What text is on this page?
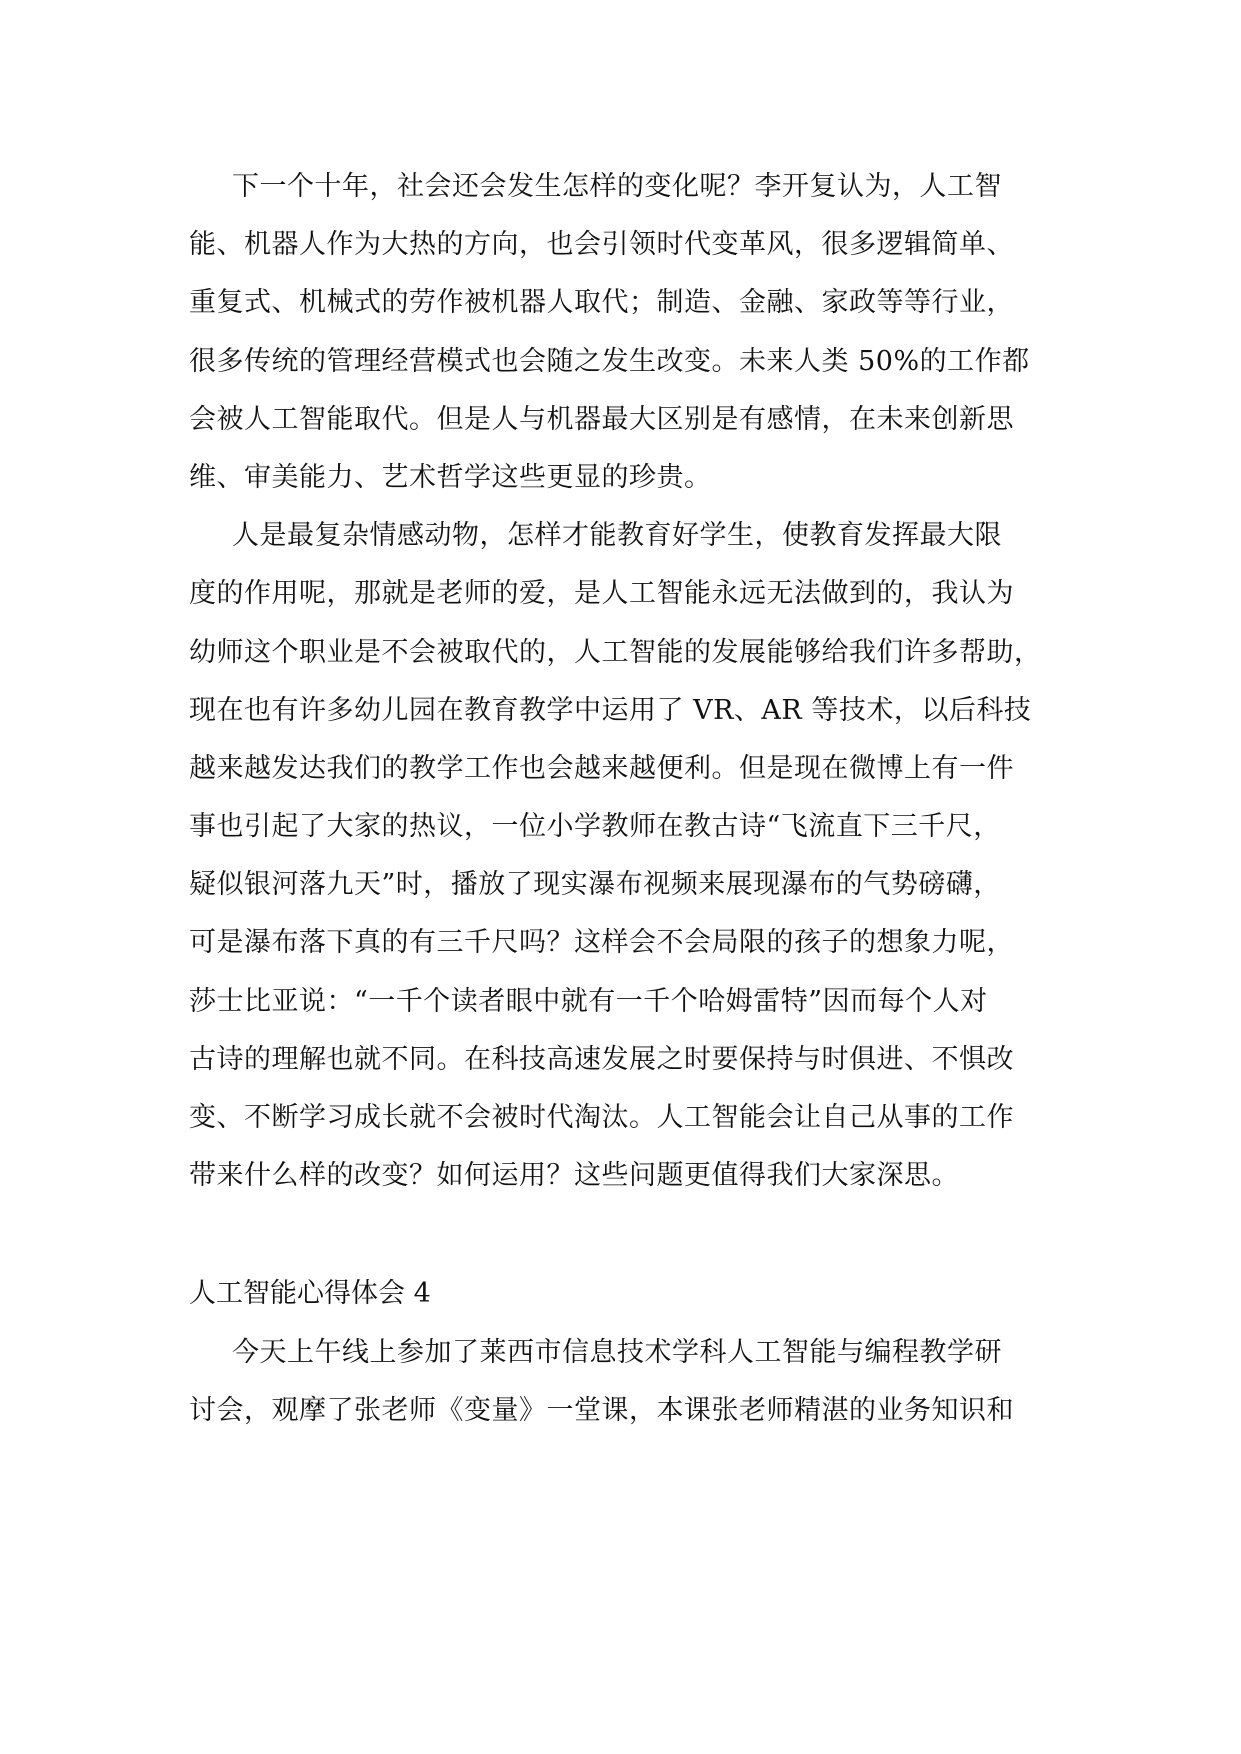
下一个十年，社会还会发生怎样的变化呢？李开复认为，人工智
能、机器人作为大热的方向，也会引领时代变革风，很多逻辑简单、
重复式、机械式的劳作被机器人取代；制造、金融、家政等等行业，
很多传统的管理经营模式也会随之发生改变。未来人类 50%的工作都
会被人工智能取代。但是人与机器最大区别是有感情，在未来创新思
维、审美能力、艺术哲学这些更显的珍贵。
人是最复杂情感动物，怎样才能教育好学生，使教育发挥最大限
度的作用呢，那就是老师的爱，是人工智能永远无法做到的，我认为
幼师这个职业是不会被取代的，人工智能的发展能够给我们许多帮助，
现在也有许多幼儿园在教育教学中运用了 VR、AR 等技术，以后科技
越来越发达我们的教学工作也会越来越便利。但是现在微博上有一件
事也引起了大家的热议，一位小学教师在教古诗“飞流直下三千尺，
疑似银河落九天”时，播放了现实瀑布视频来展现瀑布的气势磅礴，
可是瀑布落下真的有三千尺吗？这样会不会局限的孩子的想象力呢，
莎士比亚说：“一千个读者眼中就有一千个哈姆雷特”因而每个人对
古诗的理解也就不同。在科技高速发展之时要保持与时俱进、不惧改
变、不断学习成长就不会被时代淘汰。人工智能会让自己从事的工作
带来什么样的改变？如何运用？这些问题更值得我们大家深思。
人工智能心得体会 4
今天上午线上参加了莱西市信息技术学科人工智能与编程教学研
讨会，观摩了张老师《变量》一堂课，本课张老师精湛的业务知识和
